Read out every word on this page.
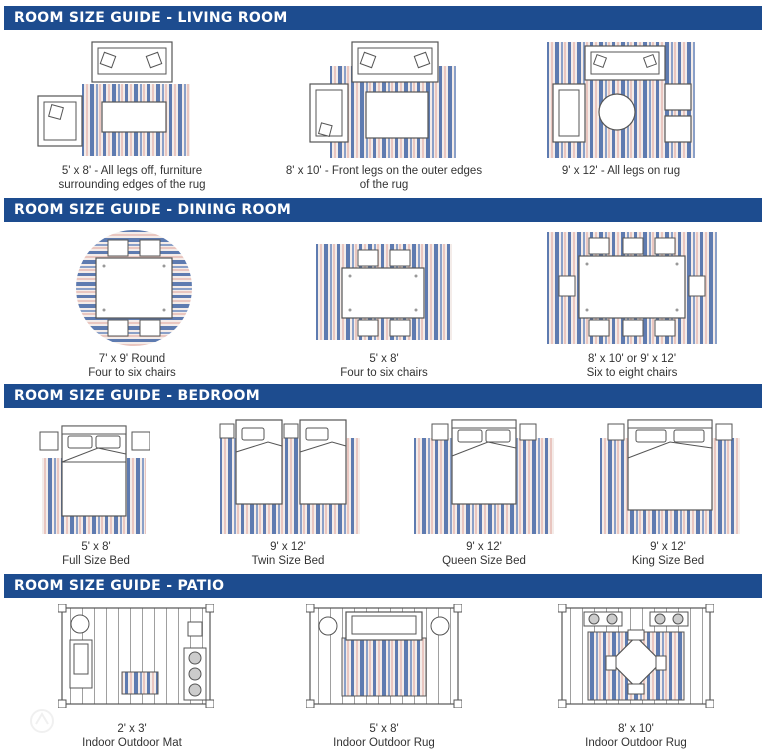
ROOM SIZE GUIDE - LIVING ROOM
ROOM SIZE GUIDE - DINING ROOM
ROOM SIZE GUIDE - BEDROOM
ROOM SIZE GUIDE - PATIO
5' x 8' - All legs off, furniture
surrounding edges of the rug
8' x 10' - Front legs on the outer edges
of the rug
9' x 12' - All legs on rug
7' x 9' Round
Four to six chairs
5' x 8'
Four to six chairs
8' x 10' or 9' x 12'
Six to eight chairs
5' x 8'
Full Size Bed
9' x 12'
Twin Size Bed
9' x 12'
Queen Size Bed
9' x 12'
King Size Bed
2' x 3'
Indoor Outdoor Mat
5' x 8'
Indoor Outdoor Rug
8' x 10'
Indoor Outdoor Rug
